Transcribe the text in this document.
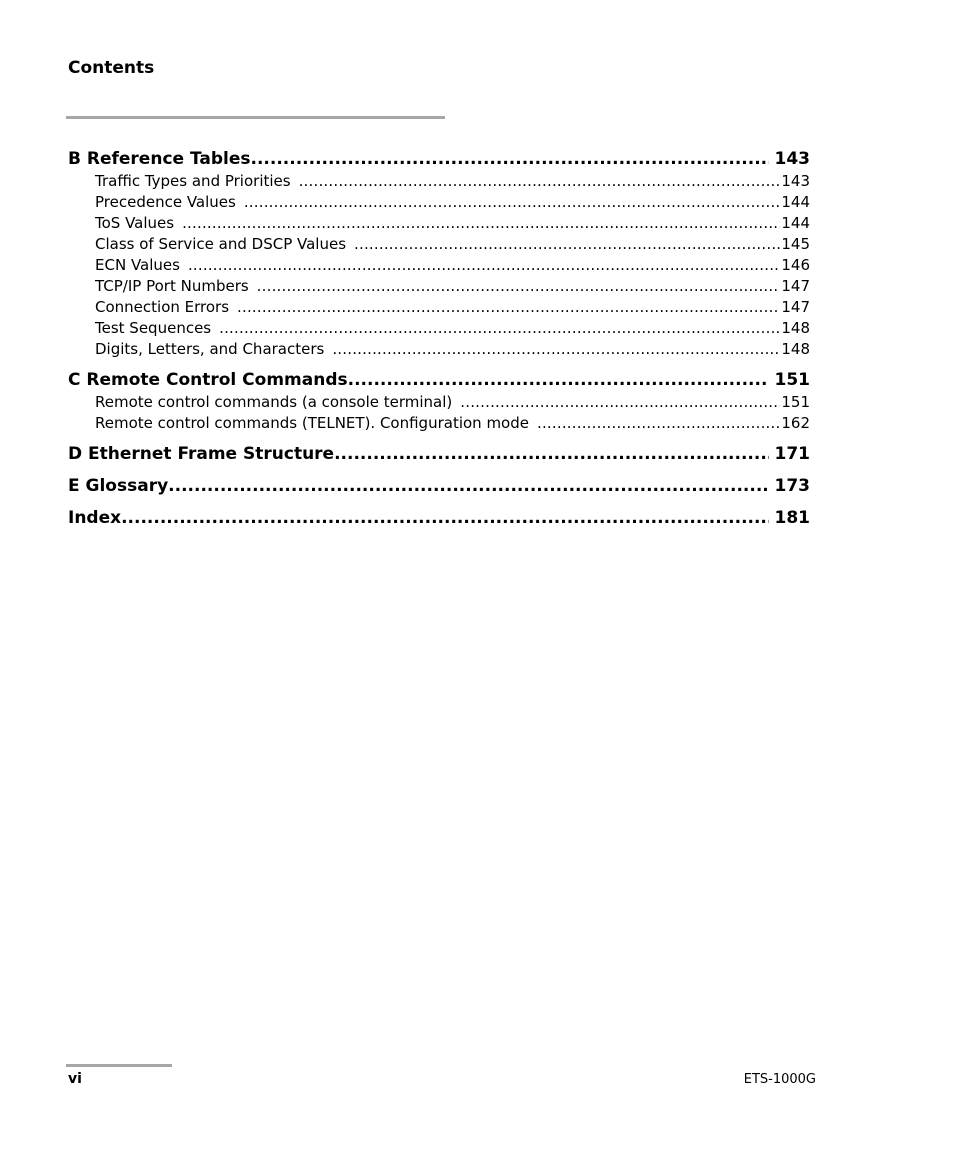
Contents
B Reference Tables .....	143
Traffic Types and Priorities .....	143
Precedence Values .....	144
ToS Values .....	144
Class of Service and DSCP Values .....	145
ECN Values .....	146
TCP/IP Port Numbers .....	147
Connection Errors .....	147
Test Sequences .....	148
Digits, Letters, and Characters .....	148
C Remote Control Commands .....	151
Remote control commands (a console terminal) .....	151
Remote control commands (TELNET). Configuration mode .....	162
D Ethernet Frame Structure .....	171
E Glossary .....	173
Index .....	181
vi	ETS-1000G
